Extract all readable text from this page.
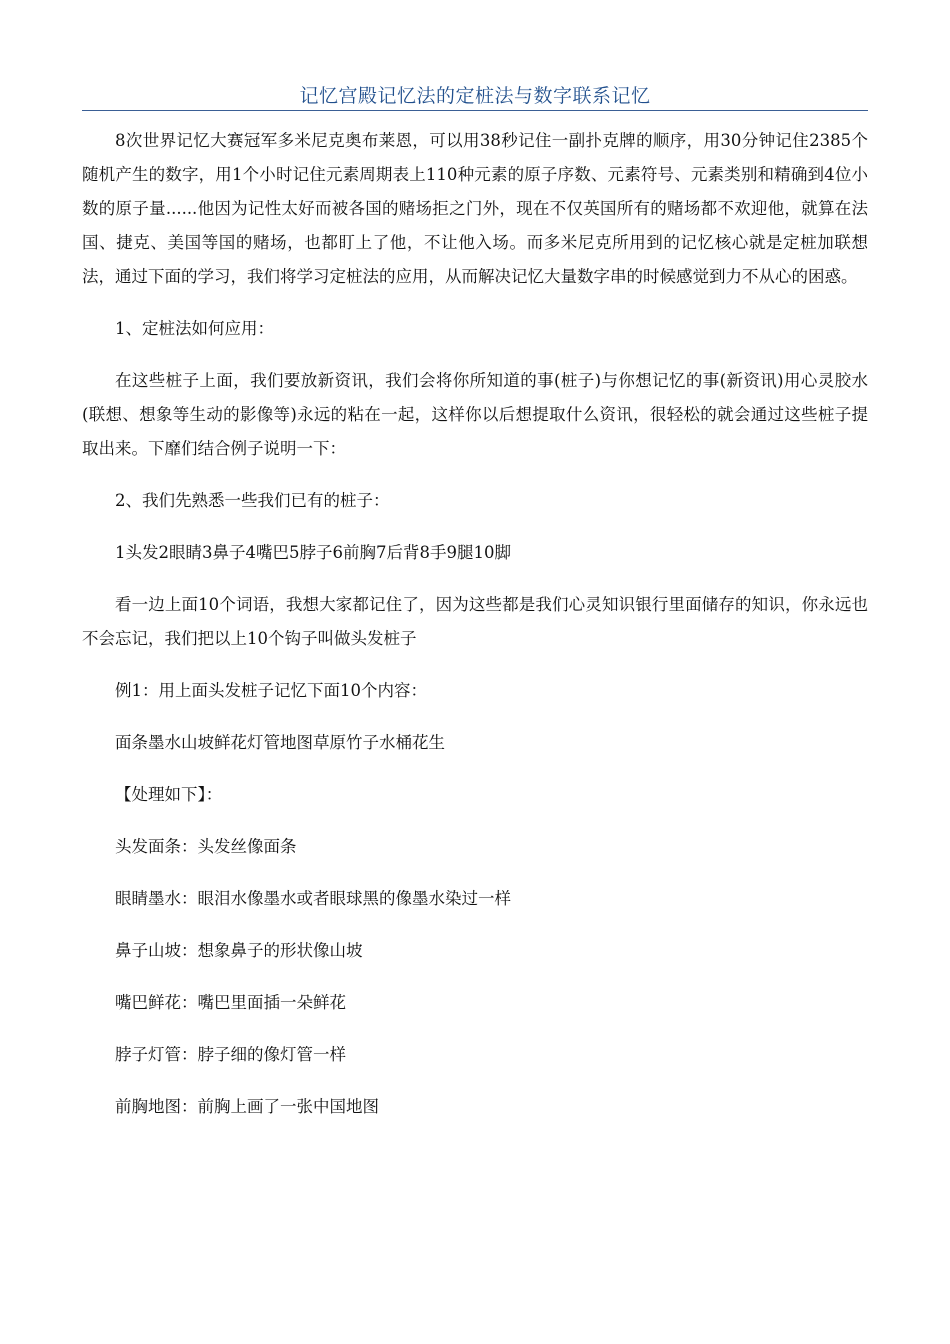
记忆宫殿记忆法的定桩法与数字联系记忆

8次世界记忆大赛冠军多米尼克奥布莱恩，可以用38秒记住一副扑克牌的顺序，用30分钟记住2385个随机产生的数字，用1个小时记住元素周期表上110种元素的原子序数、元素符号、元素类别和精确到4位小数的原子量......他因为记性太好而被各国的赌场拒之门外，现在不仅英国所有的赌场都不欢迎他，就算在法国、捷克、美国等国的赌场，也都盯上了他，不让他入场。而多米尼克所用到的记忆核心就是定桩加联想法，通过下面的学习，我们将学习定桩法的应用，从而解决记忆大量数字串的时候感觉到力不从心的困惑。

1、定桩法如何应用：

在这些桩子上面，我们要放新资讯，我们会将你所知道的事(桩子)与你想记忆的事(新资讯)用心灵胶水(联想、想象等生动的影像等)永远的粘在一起，这样你以后想提取什么资讯，很轻松的就会通过这些桩子提取出来。下靡们结合例子说明一下：

2、我们先熟悉一些我们已有的桩子：

1头发2眼睛3鼻子4嘴巴5脖子6前胸7后背8手9腿10脚

看一边上面10个词语，我想大家都记住了，因为这些都是我们心灵知识银行里面储存的知识，你永远也不会忘记，我们把以上10个钩子叫做头发桩子

例1：用上面头发桩子记忆下面10个内容：

面条墨水山坡鲜花灯管地图草原竹子水桶花生

【处理如下】：

头发面条：头发丝像面条

眼睛墨水：眼泪水像墨水或者眼球黑的像墨水染过一样

鼻子山坡：想象鼻子的形状像山坡

嘴巴鲜花：嘴巴里面插一朵鲜花

脖子灯管：脖子细的像灯管一样

前胸地图：前胸上画了一张中国地图
